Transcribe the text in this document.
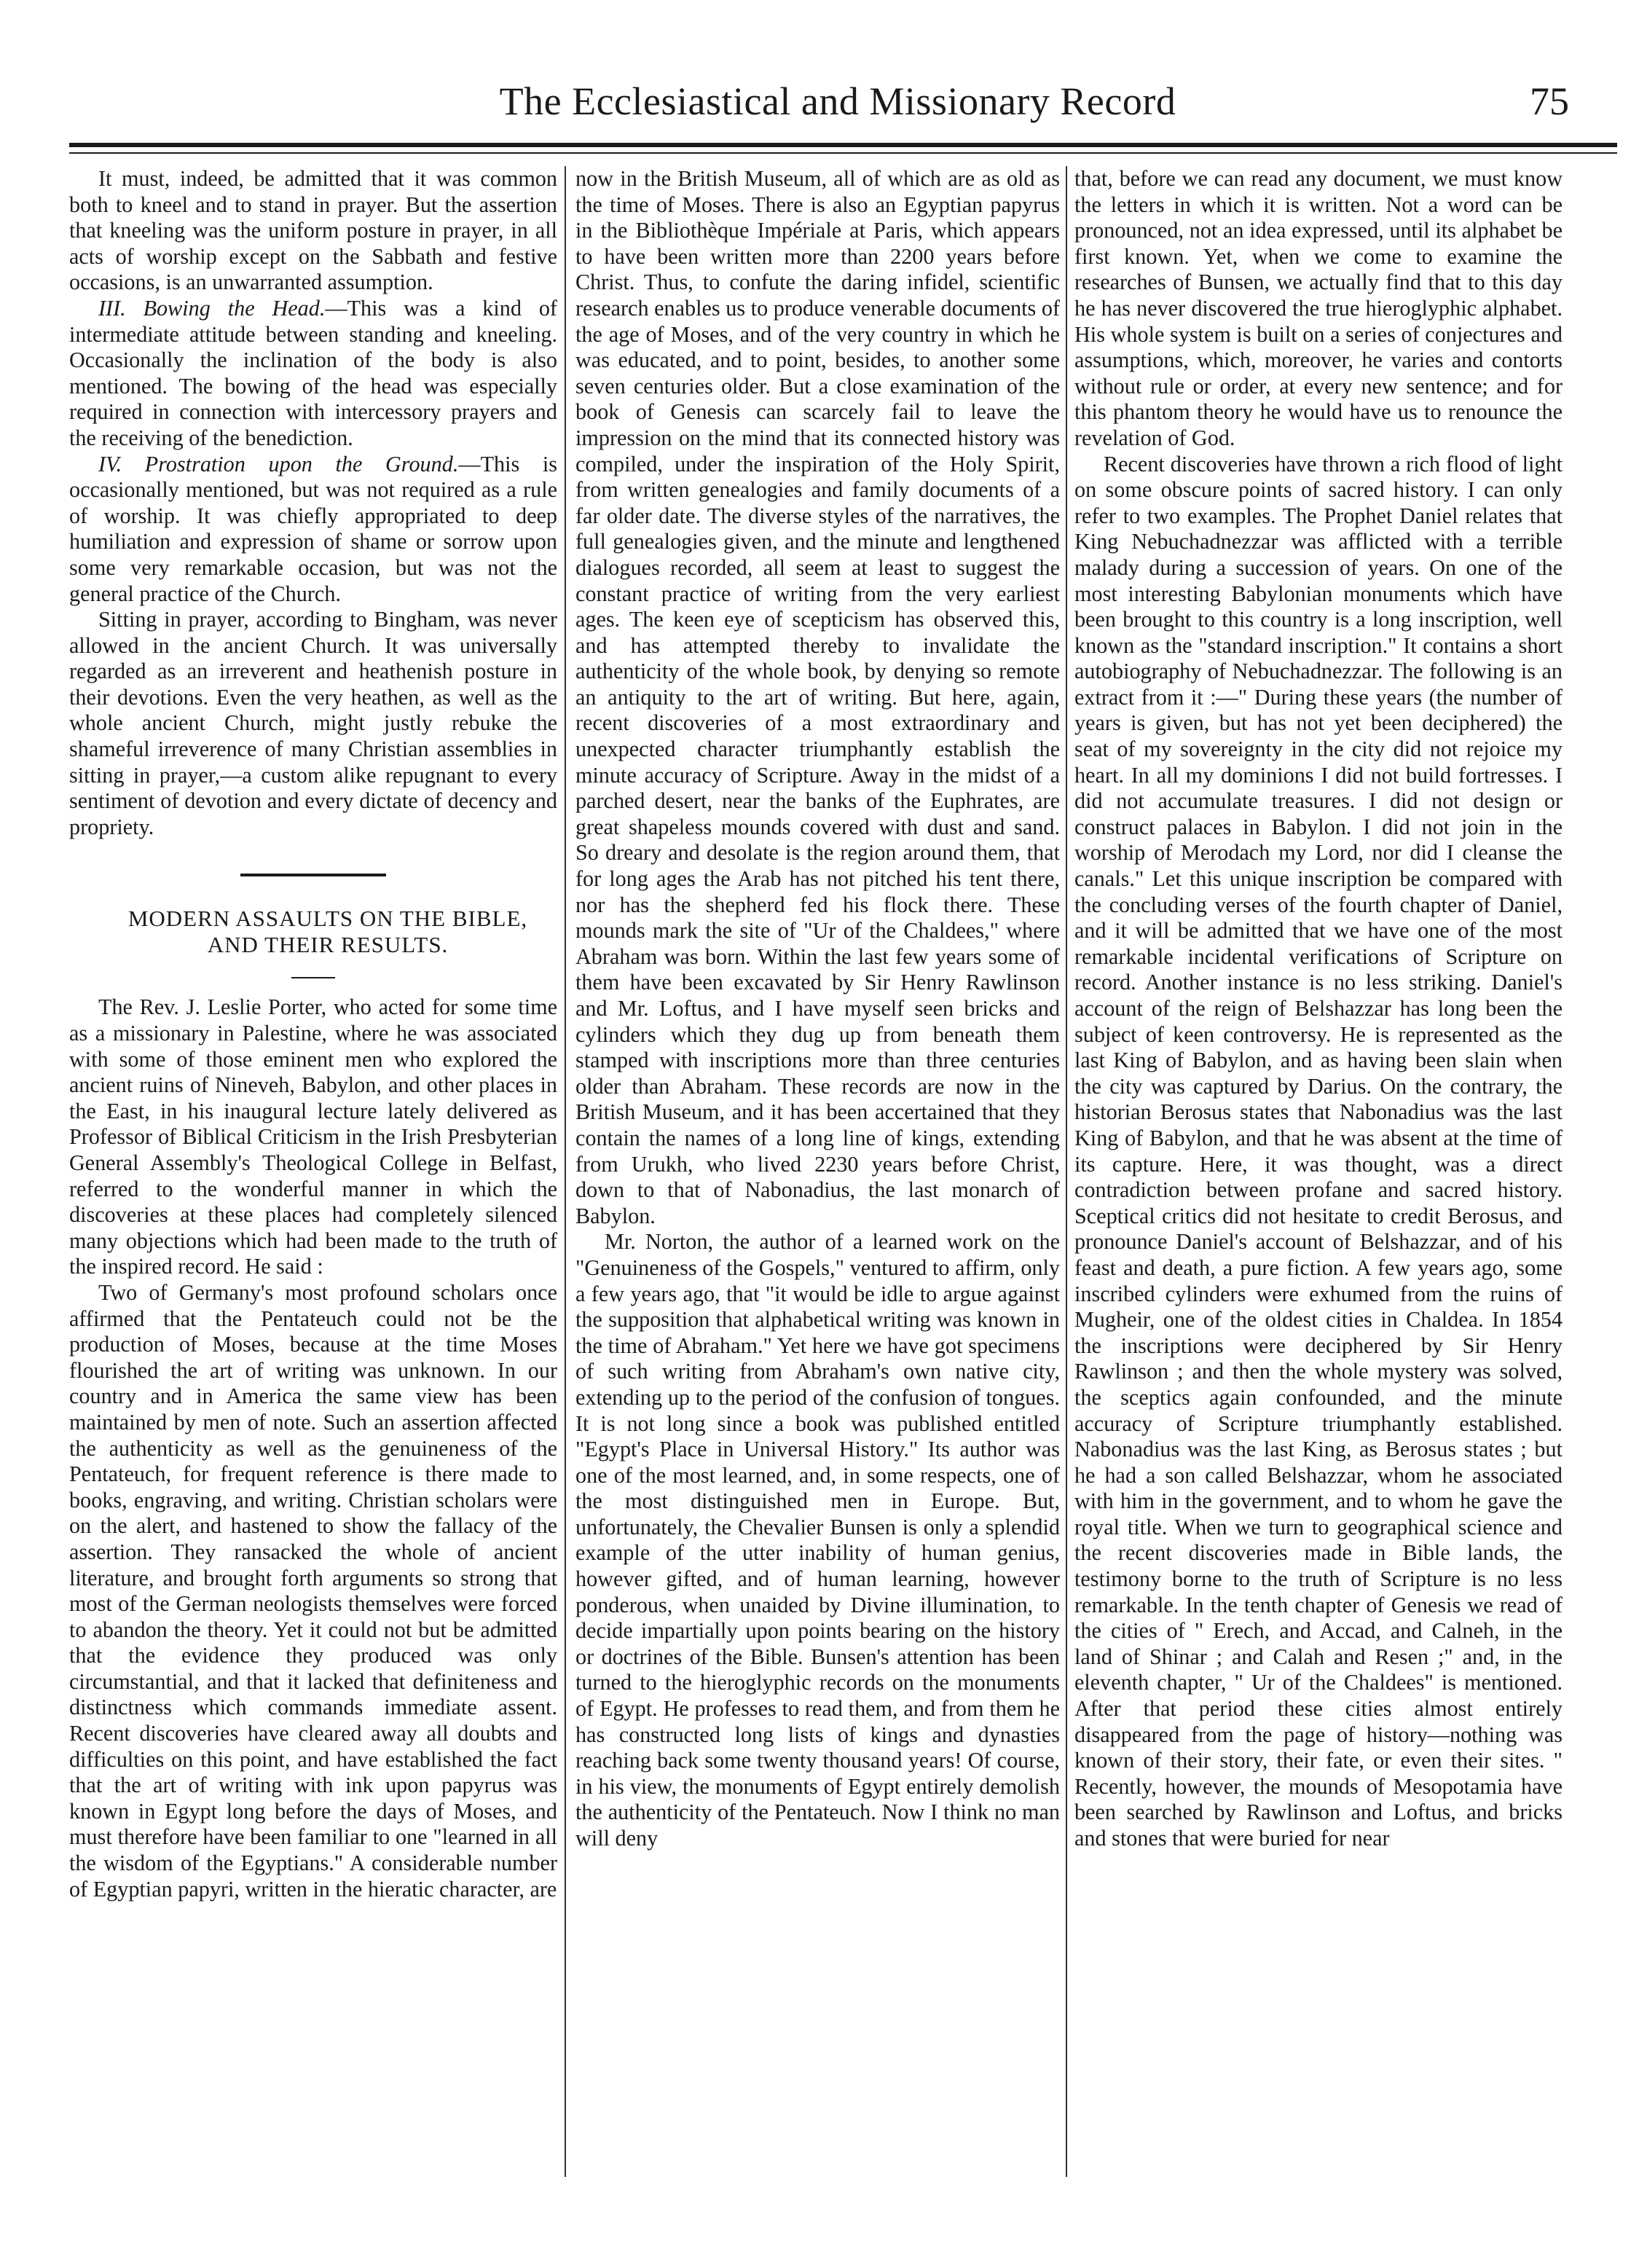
The Ecclesiastical and Missionary Record	75

It must, indeed, be admitted that it was common both to kneel and to stand in prayer. But the assertion that kneeling was the uniform posture in prayer, in all acts of worship except on the Sabbath and festive occasions, is an unwarranted assumption.

III. Bowing the Head.—This was a kind of intermediate attitude between standing and kneeling. Occasionally the inclination of the body is also mentioned. The bowing of the head was especially required in connection with intercessory prayers and the receiving of the benediction.

IV. Prostration upon the Ground.—This is occasionally mentioned, but was not required as a rule of worship. It was chiefly appropriated to deep humiliation and expression of shame or sorrow upon some very remarkable occasion, but was not the general practice of the Church.

Sitting in prayer, according to Bingham, was never allowed in the ancient Church. It was universally regarded as an irreverent and heathenish posture in their devotions. Even the very heathen, as well as the whole ancient Church, might justly rebuke the shameful irreverence of many Christian assemblies in sitting in prayer,—a custom alike repugnant to every sentiment of devotion and every dictate of decency and propriety.

MODERN ASSAULTS ON THE BIBLE,

AND THEIR RESULTS.

The Rev. J. Leslie Porter, who acted for some time as a missionary in Palestine, where he was associated with some of those eminent men who explored the ancient ruins of Nineveh, Babylon, and other places in the East, in his inaugural lecture lately delivered as Professor of Biblical Criticism in the Irish Presbyterian General Assembly's Theological College in Belfast, referred to the wonderful manner in which the discoveries at these places had completely silenced many objections which had been made to the truth of the inspired record. He said :

Two of Germany's most profound scholars once affirmed that the Pentateuch could not be the production of Moses, because at the time Moses flourished the art of writing was unknown. In our country and in America the same view has been maintained by men of note. Such an assertion affected the authenticity as well as the genuineness of the Pentateuch, for frequent reference is there made to books, engraving, and writing. Christian scholars were on the alert, and hastened to show the fallacy of the assertion. They ransacked the whole of ancient literature, and brought forth arguments so strong that most of the German neologists themselves were forced to abandon the theory. Yet it could not but be admitted that the evidence they produced was only circumstantial, and that it lacked that definiteness and distinctness which commands immediate assent. Recent discoveries have cleared away all doubts and difficulties on this point, and have established the fact that the art of writing with ink upon papyrus was known in Egypt long before the days of Moses, and must therefore have been familiar to one "learned in all the wisdom of the Egyptians." A considerable number of Egyptian papyri, written in the hieratic character, are

now in the British Museum, all of which are as old as the time of Moses. There is also an Egyptian papyrus in the Bibliothèque Impériale at Paris, which appears to have been written more than 2200 years before Christ. Thus, to confute the daring infidel, scientific research enables us to produce venerable documents of the age of Moses, and of the very country in which he was educated, and to point, besides, to another some seven centuries older. But a close examination of the book of Genesis can scarcely fail to leave the impression on the mind that its connected history was compiled, under the inspiration of the Holy Spirit, from written genealogies and family documents of a far older date. The diverse styles of the narratives, the full genealogies given, and the minute and lengthened dialogues recorded, all seem at least to suggest the constant practice of writing from the very earliest ages. The keen eye of scepticism has observed this, and has attempted thereby to invalidate the authenticity of the whole book, by denying so remote an antiquity to the art of writing. But here, again, recent discoveries of a most extraordinary and unexpected character triumphantly establish the minute accuracy of Scripture. Away in the midst of a parched desert, near the banks of the Euphrates, are great shapeless mounds covered with dust and sand. So dreary and desolate is the region around them, that for long ages the Arab has not pitched his tent there, nor has the shepherd fed his flock there. These mounds mark the site of "Ur of the Chaldees," where Abraham was born. Within the last few years some of them have been excavated by Sir Henry Rawlinson and Mr. Loftus, and I have myself seen bricks and cylinders which they dug up from beneath them stamped with inscriptions more than three centuries older than Abraham. These records are now in the British Museum, and it has been accertained that they contain the names of a long line of kings, extending from Urukh, who lived 2230 years before Christ, down to that of Nabonadius, the last monarch of Babylon.

Mr. Norton, the author of a learned work on the "Genuineness of the Gospels," ventured to affirm, only a few years ago, that "it would be idle to argue against the supposition that alphabetical writing was known in the time of Abraham." Yet here we have got specimens of such writing from Abraham's own native city, extending up to the period of the confusion of tongues. It is not long since a book was published entitled "Egypt's Place in Universal History." Its author was one of the most learned, and, in some respects, one of the most distinguished men in Europe. But, unfortunately, the Chevalier Bunsen is only a splendid example of the utter inability of human genius, however gifted, and of human learning, however ponderous, when unaided by Divine illumination, to decide impartially upon points bearing on the history or doctrines of the Bible. Bunsen's attention has been turned to the hieroglyphic records on the monuments of Egypt. He professes to read them, and from them he has constructed long lists of kings and dynasties reaching back some twenty thousand years! Of course, in his view, the monuments of Egypt entirely demolish the authenticity of the Pentateuch. Now I think no man will deny

that, before we can read any document, we must know the letters in which it is written. Not a word can be pronounced, not an idea expressed, until its alphabet be first known. Yet, when we come to examine the researches of Bunsen, we actually find that to this day he has never discovered the true hieroglyphic alphabet. His whole system is built on a series of conjectures and assumptions, which, moreover, he varies and contorts without rule or order, at every new sentence; and for this phantom theory he would have us to renounce the revelation of God.

Recent discoveries have thrown a rich flood of light on some obscure points of sacred history. I can only refer to two examples. The Prophet Daniel relates that King Nebuchadnezzar was afflicted with a terrible malady during a succession of years. On one of the most interesting Babylonian monuments which have been brought to this country is a long inscription, well known as the "standard inscription." It contains a short autobiography of Nebuchadnezzar. The following is an extract from it :—" During these years (the number of years is given, but has not yet been deciphered) the seat of my sovereignty in the city did not rejoice my heart. In all my dominions I did not build fortresses. I did not accumulate treasures. I did not design or construct palaces in Babylon. I did not join in the worship of Merodach my Lord, nor did I cleanse the canals." Let this unique inscription be compared with the concluding verses of the fourth chapter of Daniel, and it will be admitted that we have one of the most remarkable incidental verifications of Scripture on record. Another instance is no less striking. Daniel's account of the reign of Belshazzar has long been the subject of keen controversy. He is represented as the last King of Babylon, and as having been slain when the city was captured by Darius. On the contrary, the historian Berosus states that Nabonadius was the last King of Babylon, and that he was absent at the time of its capture. Here, it was thought, was a direct contradiction between profane and sacred history. Sceptical critics did not hesitate to credit Berosus, and pronounce Daniel's account of Belshazzar, and of his feast and death, a pure fiction. A few years ago, some inscribed cylinders were exhumed from the ruins of Mugheir, one of the oldest cities in Chaldea. In 1854 the inscriptions were deciphered by Sir Henry Rawlinson ; and then the whole mystery was solved, the sceptics again confounded, and the minute accuracy of Scripture triumphantly established. Nabonadius was the last King, as Berosus states ; but he had a son called Belshazzar, whom he associated with him in the government, and to whom he gave the royal title. When we turn to geographical science and the recent discoveries made in Bible lands, the testimony borne to the truth of Scripture is no less remarkable. In the tenth chapter of Genesis we read of the cities of " Erech, and Accad, and Calneh, in the land of Shinar ; and Calah and Resen ;" and, in the eleventh chapter, " Ur of the Chaldees" is mentioned. After that period these cities almost entirely disappeared from the page of history—nothing was known of their story, their fate, or even their sites. " Recently, however, the mounds of Mesopotamia have been searched by Rawlinson and Loftus, and bricks and stones that were buried for near
